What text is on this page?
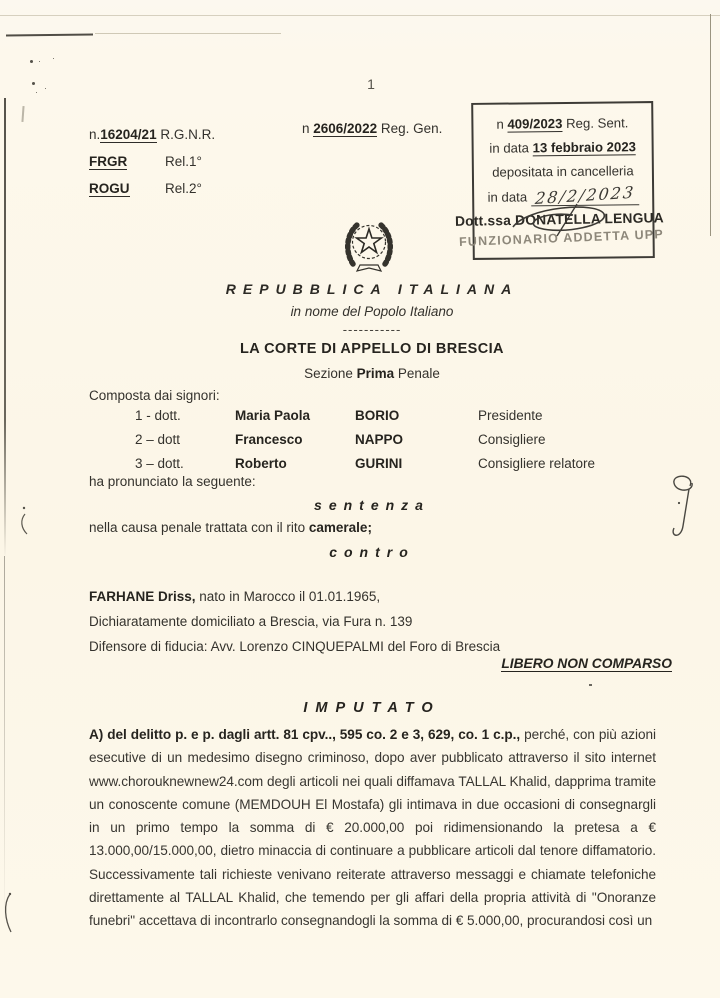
1
n.16204/21 R.G.N.R.
FRGR	Rel.1°
ROGU	Rel.2°
n 2606/2022 Reg. Gen.	n 409/2023 Reg. Sent.
in data 13 febbraio 2023
depositata in cancelleria
in data 28/2/2023
Dott.ssa DONATELLA LENGUA
FUNZIONARIO ADDETTA UPP
REPUBBLICA ITALIANA
in nome del Popolo Italiano
-----------
LA CORTE DI APPELLO DI BRESCIA
Sezione Prima Penale
Composta dai signori:
1 - dott.	Maria Paola	BORIO	Presidente
2 – dott	Francesco	NAPPO	Consigliere
3 – dott.	Roberto	GURINI	Consigliere relatore
ha pronunciato la seguente:
sentenza
nella causa penale trattata con il rito camerale;
contro
FARHANE Driss, nato in Marocco il 01.01.1965,
Dichiaratamente domiciliato a Brescia, via Fura n. 139
Difensore di fiducia: Avv. Lorenzo CINQUEPALMI del Foro di Brescia
LIBERO NON COMPARSO
IMPUTATO
A) del delitto p. e p. dagli artt. 81 cpv.., 595 co. 2 e 3, 629, co. 1 c.p., perché, con più azioni esecutive di un medesimo disegno criminoso, dopo aver pubblicato attraverso il sito internet www.chorouknewnew24.com degli articoli nei quali diffamava TALLAL Khalid, dapprima tramite un conoscente comune (MEMDOUH El Mostafa) gli intimava in due occasioni di consegnargli in un primo tempo la somma di € 20.000,00 poi ridimensionando la pretesa a € 13.000,00/15.000,00, dietro minaccia di continuare a pubblicare articoli dal tenore diffamatorio. Successivamente tali richieste venivano reiterate attraverso messaggi e chiamate telefoniche direttamente al TALLAL Khalid, che temendo per gli affari della propria attività di "Onoranze funebri" accettava di incontrarlo consegnandogli la somma di € 5.000,00, procurandosi così un
